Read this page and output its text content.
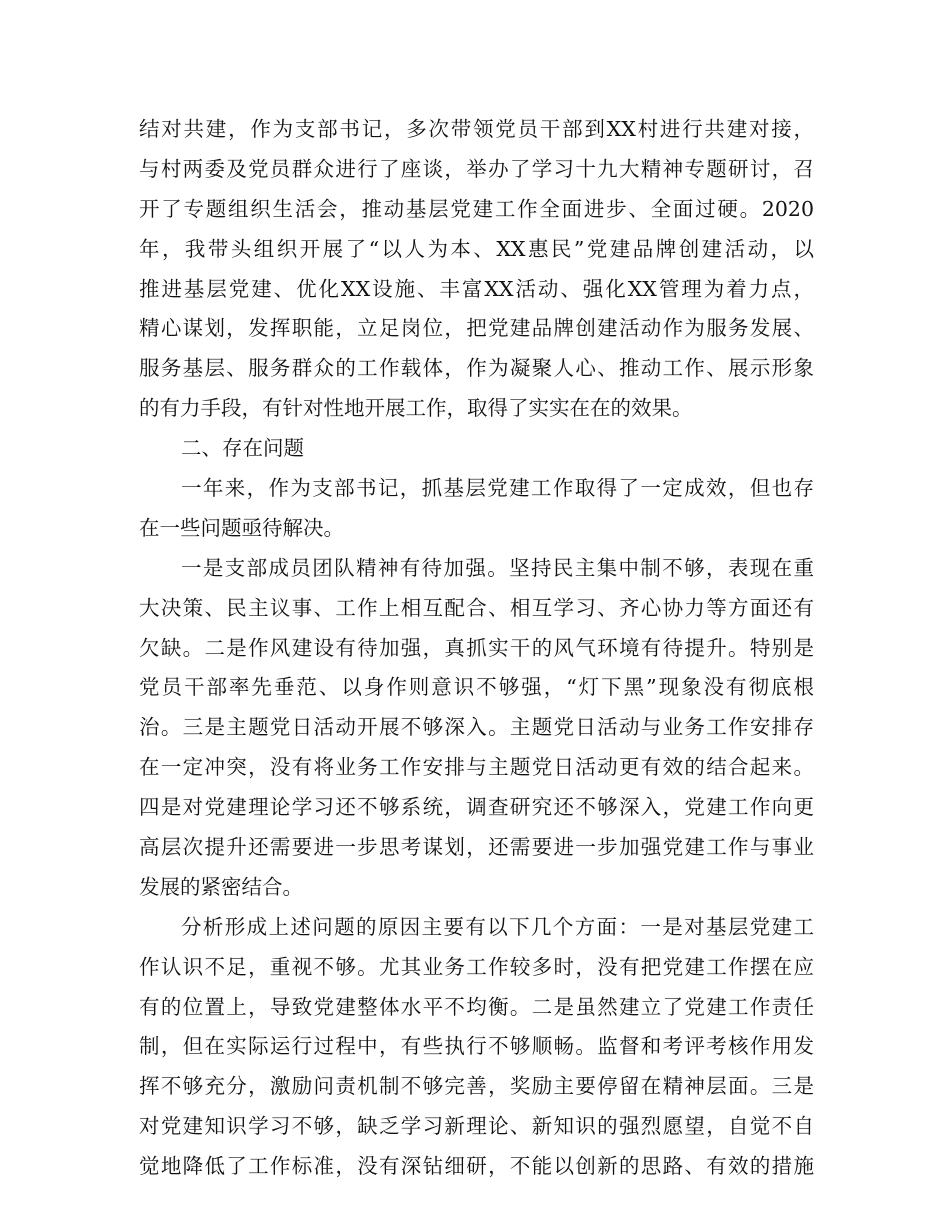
结对共建，作为支部书记，多次带领党员干部到XX村进行共建对接，
与村两委及党员群众进行了座谈，举办了学习十九大精神专题研讨，召
开了专题组织生活会，推动基层党建工作全面进步、全面过硬。2020
年，我带头组织开展了“以人为本、XX惠民”党建品牌创建活动，以
推进基层党建、优化XX设施、丰富XX活动、强化XX管理为着力点，
精心谋划，发挥职能，立足岗位，把党建品牌创建活动作为服务发展、
服务基层、服务群众的工作载体，作为凝聚人心、推动工作、展示形象
的有力手段，有针对性地开展工作，取得了实实在在的效果。
二、存在问题
一年来，作为支部书记，抓基层党建工作取得了一定成效，但也存
在一些问题亟待解决。
一是支部成员团队精神有待加强。坚持民主集中制不够，表现在重
大决策、民主议事、工作上相互配合、相互学习、齐心协力等方面还有
欠缺。二是作风建设有待加强，真抓实干的风气环境有待提升。特别是
党员干部率先垂范、以身作则意识不够强，“灯下黑”现象没有彻底根
治。三是主题党日活动开展不够深入。主题党日活动与业务工作安排存
在一定冲突，没有将业务工作安排与主题党日活动更有效的结合起来。
四是对党建理论学习还不够系统，调查研究还不够深入，党建工作向更
高层次提升还需要进一步思考谋划，还需要进一步加强党建工作与事业
发展的紧密结合。
分析形成上述问题的原因主要有以下几个方面：一是对基层党建工
作认识不足，重视不够。尤其业务工作较多时，没有把党建工作摆在应
有的位置上，导致党建整体水平不均衡。二是虽然建立了党建工作责任
制，但在实际运行过程中，有些执行不够顺畅。监督和考评考核作用发
挥不够充分，激励问责机制不够完善，奖励主要停留在精神层面。三是
对党建知识学习不够，缺乏学习新理论、新知识的强烈愿望，自觉不自
觉地降低了工作标准，没有深钻细研，不能以创新的思路、有效的措施
